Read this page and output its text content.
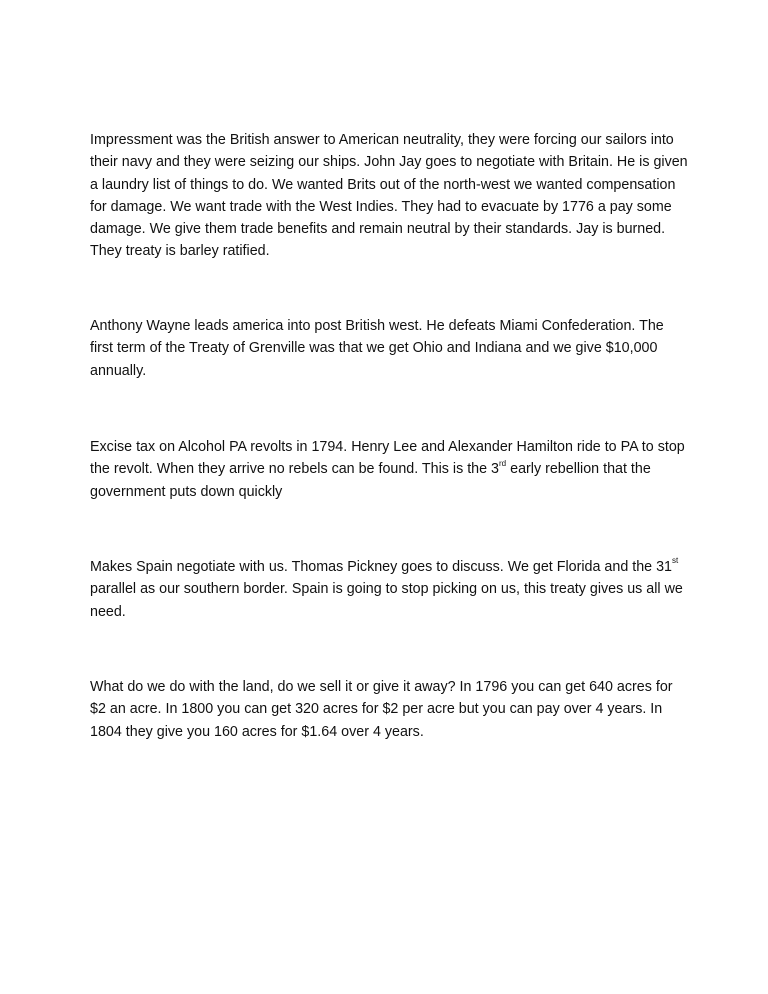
Impressment was the British answer to American neutrality, they were forcing our sailors into their navy and they were seizing our ships. John Jay goes to negotiate with Britain. He is given a laundry list of things to do. We wanted Brits out of the north-west we wanted compensation for damage. We want trade with the West Indies. They had to evacuate by 1776 a pay some damage. We give them trade benefits and remain neutral by their standards. Jay is burned. They treaty is barley ratified.

Anthony Wayne leads america into post British west. He defeats Miami Confederation. The first term of the Treaty of Grenville was that we get Ohio and Indiana and we give $10,000 annually.

Excise tax on Alcohol PA revolts in 1794. Henry Lee and Alexander Hamilton ride to PA to stop the revolt. When they arrive no rebels can be found. This is the 3rd early rebellion that the government puts down quickly

Makes Spain negotiate with us. Thomas Pickney goes to discuss. We get Florida and the 31st parallel as our southern border. Spain is going to stop picking on us, this treaty gives us all we need.

What do we do with the land, do we sell it or give it away? In 1796 you can get 640 acres for $2 an acre. In 1800 you can get 320 acres for $2 per acre but you can pay over 4 years. In 1804 they give you 160 acres for $1.64 over 4 years.
